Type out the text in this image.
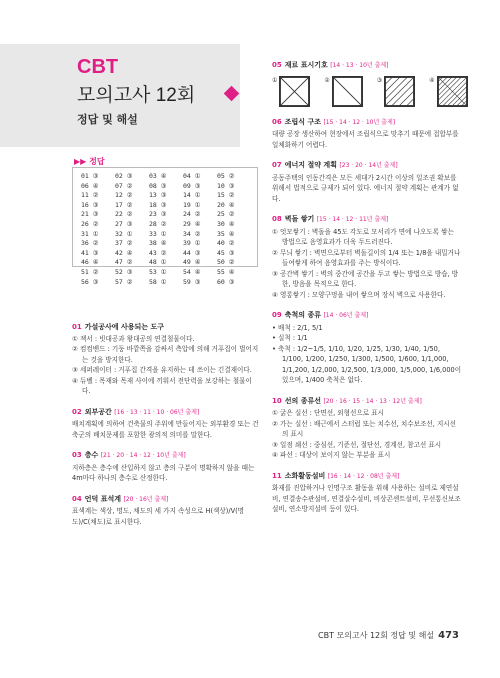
CBT
모의고사 12회
정답 및 해설
▶▶ 정답
01 ③	02 ③	03 ④	04 ①	05 ②
06 ④	07 ②	08 ③	09 ③	10 ③
11 ②	12 ②	13 ③	14 ①	15 ②
16 ③	17 ②	18 ③	19 ①	20 ④
21 ③	22 ②	23 ③	24 ②	25 ②
26 ②	27 ③	28 ②	29 ④	30 ④
31 ①	32 ①	33 ①	34 ②	35 ④
36 ②	37 ②	38 ④	39 ①	40 ②
41 ③	42 ④	43 ②	44 ③	45 ③
46 ④	47 ②	48 ①	49 ④	50 ②
51 ②	52 ③	53 ①	54 ④	55 ④
56 ③	57 ②	58 ①	59 ③	60 ③
01 가설공사에 사용되는 도구
① 잭서 : 빗대공과 왕대공의 연결철물이다.
② 컴컴밴드 : 기둥 바깥쪽을 감싸서 측압에 의해 거푸집이 벌어지는 것을 방지한다.
③ 세퍼레이터 : 거푸집 간격을 유지하는 데 쓰이는 긴결재이다.
④ 듀벨 : 목재와 목재 사이에 끼워서 전단력을 보강하는 철물이다.
02 외부공간 [16 · 13 · 11 · 10 · 06년 출제]
배치계획에 의하여 건축물의 주위에 만들어지는 외부환경 또는 건축군의 배치문제를 포함한 광의적 의미를 말한다.
03 층수 [21 · 20 · 14 · 12 · 10년 출제]
지하층은 층수에 산입하지 않고 층의 구분이 명확하지 않을 때는 4m마다 하나의 층수로 산정한다.
04 언덕 표석계 [20 · 16년 출제]
표색계는 색상, 명도, 채도의 세 가지 속성으로 H(색상)/V(명도)/C(채도)로 표시한다.
05 재료 표시기호 [14 · 13 · 10년 출제]
①	②	③	④
06 조립식 구조 [15 · 14 · 12 · 10년 출제]
대량 공장 생산하여 현장에서 조립식으로 맞추기 때문에 접합부를 일체화하기 어렵다.
07 에너지 절약 계획 [23 · 20 · 14년 출제]
공동주택의 인동간격은 모든 세대가 2시간 이상의 일조권 확보를 위해서 법적으로 규제가 되어 있다. 에너지 절약 계획는 관계가 없다.
08 벽돌 쌓기 [15 · 14 · 12 · 11년 출제]
① 엇모쌓기 : 벽돌을 45도 각도로 모서리가 면에 나오도록 쌓는 방법으로 음영효과가 더욱 두드러진다.
② 무늬 쌓기 : 벽면으로부터 벽돌길이의 1/4 또는 1/8을 내밀거나 들여쌓게 하여 음영효과를 주는 방식이다.
③ 공간벽 쌓기 : 벽의 중간에 공간을 두고 쌓는 방법으로 방습, 방한, 방음을 목적으로 한다.
④ 영롱쌓기 : 모양구멍을 내어 쌓으며 장식 벽으로 사용한다.
09 축척의 종류 [14 · 06년 출제]
• 배척 : 2/1, 5/1
• 실척 : 1/1
• 축척 : 1/2~1/5, 1/10, 1/20, 1/25, 1/30, 1/40, 1/50, 1/100, 1/200, 1/250, 1/300, 1/500, 1/600, 1/1,000, 1/1,200, 1/2,000, 1/2,500, 1/3,000, 1/5,000, 1/6,000이 있으며, 1/400 축척은 없다.
10 선의 종류선 [20 · 16 · 15 · 14 · 13 · 12년 출제]
① 굵은 실선 : 단면선, 외형선으로 표시
② 가는 실선 : 배근에서 스터럽 또는 치수선, 치수보조선, 지시선의 표시
③ 일점 쇄선 : 중심선, 기준선, 절단선, 경계선, 참고선 표시
④ 파선 : 대상이 보이지 않는 부분을 표시
11 소화활동설비 [16 · 14 · 12 · 08년 출제]
화재를 진압하거나 인명구조 활동을 위해 사용하는 설비로 제연설비, 연결송수관설비, 연결살수설비, 비상콘센트설비, 무선통신보조설비, 연소방지설비 등이 있다.
CBT 모의고사 12회 정답 및 해설 473
